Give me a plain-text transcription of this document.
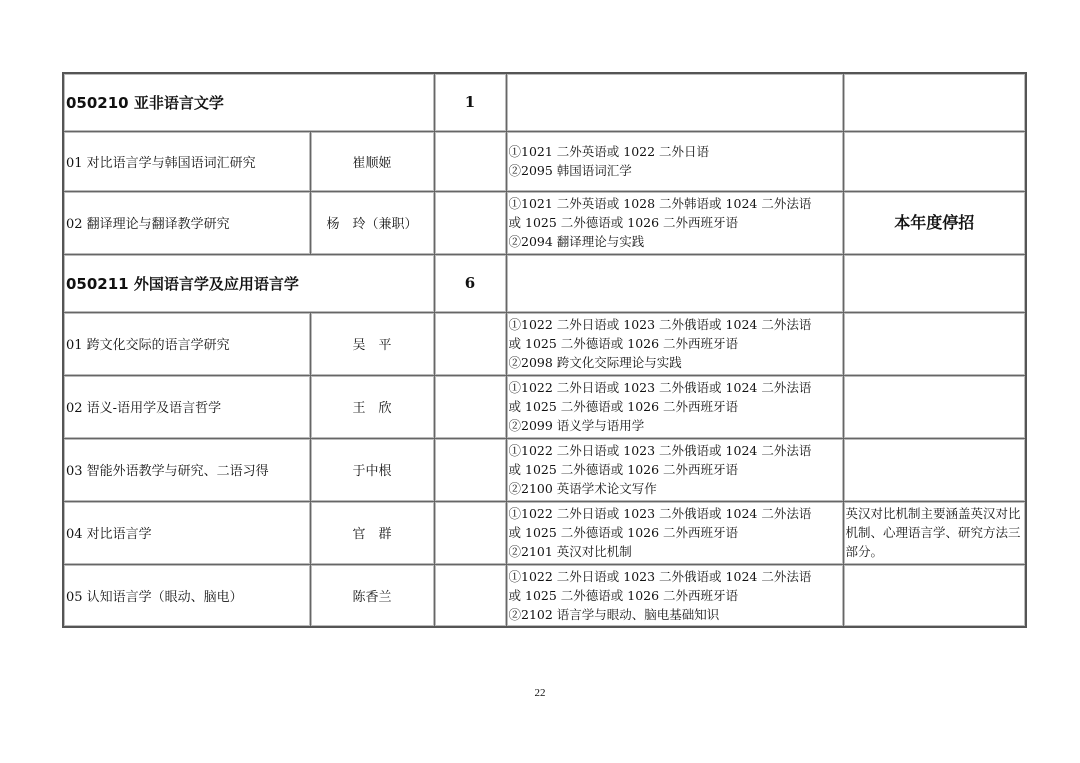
050210 亚非语言文学		1		
01 对比语言学与韩国语词汇研究	崔顺姬		①1021 二外英语或 1022 二外日语
②2095 韩国语词汇学	

02 翻译理论与翻译教学研究	杨　玲（兼职）		①1021 二外英语或 1028 二外韩语或 1024 二外法语
或 1025 二外德语或 1026 二外西班牙语
②2094 翻译理论与实践	本年度停招
050211 外国语言学及应用语言学		6		
01 跨文化交际的语言学研究	吴　平		①1022 二外日语或 1023 二外俄语或 1024 二外法语
或 1025 二外德语或 1026 二外西班牙语
②2098 跨文化交际理论与实践	

02 语义-语用学及语言哲学	王　欣		①1022 二外日语或 1023 二外俄语或 1024 二外法语
或 1025 二外德语或 1026 二外西班牙语
②2099 语义学与语用学	

03 智能外语教学与研究、二语习得	于中根		①1022 二外日语或 1023 二外俄语或 1024 二外法语
或 1025 二外德语或 1026 二外西班牙语
②2100 英语学术论文写作	

04 对比语言学	官　群		①1022 二外日语或 1023 二外俄语或 1024 二外法语
或 1025 二外德语或 1026 二外西班牙语
②2101 英汉对比机制	英汉对比机制主要涵盖英汉对比机制、心理语言学、研究方法三部分。
05 认知语言学（眼动、脑电）	陈香兰		①1022 二外日语或 1023 二外俄语或 1024 二外法语
或 1025 二外德语或 1026 二外西班牙语
②2102 语言学与眼动、脑电基础知识	

22
